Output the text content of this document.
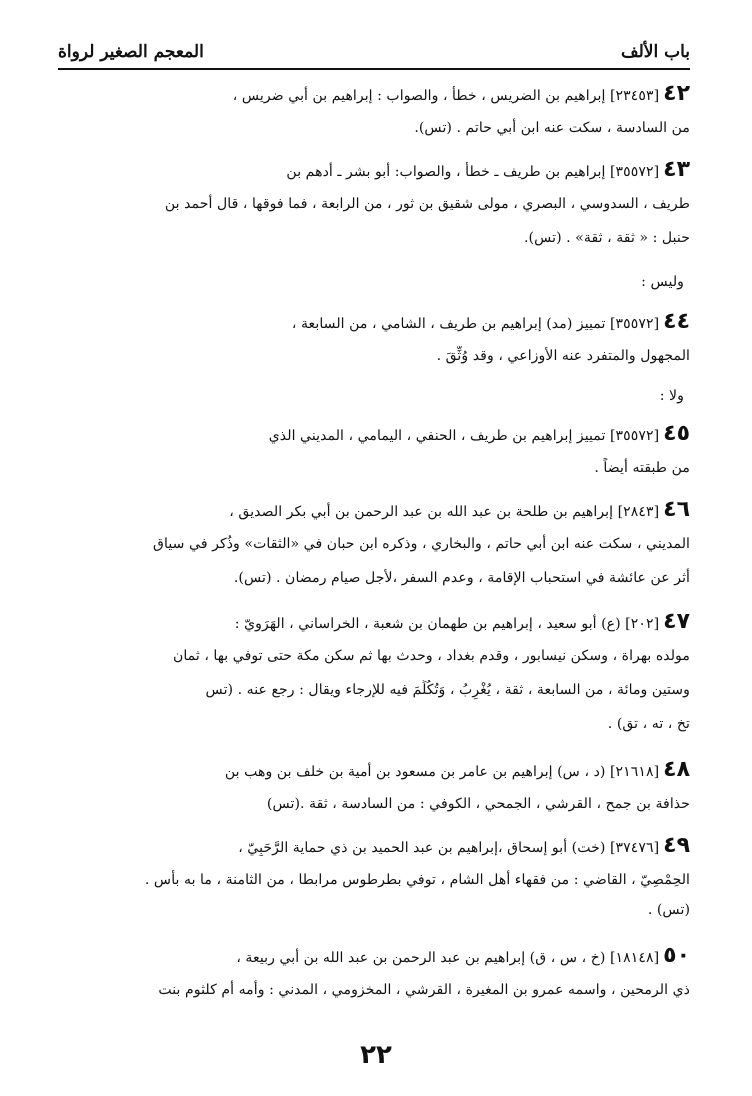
باب الألف
المعجم الصغير لرواة
٤٢[٢٣٤٥٣] إبراهيم بن الضريس ، خطأ ، والصواب : إبراهيم بن أبي ضريس ،
من السادسة ، سكت عنه ابن أبي حاتم . (تس).
٤٣[٣٥٥٧٢] إبراهيم بن طريف ـ خطأ ، والصواب: أبو بشر ـ أدهم بن
طريف ، السدوسي ، البصري ، مولى شقيق بن ثور ، من الرابعة ، فما فوقها ، قال أحمد بن
حنبل : « ثقة ، ثقة» . (تس).
وليس :
٤٤[٣٥٥٧٢] تمييز (مد) إبراهيم بن طريف ، الشامي ، من السابعة ،
المجهول والمتفرد عنه الأوزاعي ، وقد وُثِّقَ .
ولا :
٤٥[٣٥٥٧٢] تمييز إبراهيم بن طريف ، الحنفي ، اليمامي ، المديني الذي
من طبقته أيضاً .
٤٦[٢٨٤٣] إبراهيم بن طلحة بن عبد الله بن عبد الرحمن بن أبي بكر الصديق ،
المديني ، سكت عنه ابن أبي حاتم ، والبخاري ، وذكره ابن حبان في «الثقات» وذُكر في سياق
أثر عن عائشة في استحباب الإقامة ، وعدم السفر ،لأجل صيام رمضان . (تس).
٤٧[٢٠٢] (ع) أبو سعيد ، إبراهيم بن طهمان بن شعبة ، الخراساني ، الهَرَوِيّ :
مولده بهراة ، وسكن نيسابور ، وقدم بغداد ، وحدث بها ثم سكن مكة حتى توفي بها ، ثمان
وستين ومائة ، من السابعة ، ثقة ، يُغْرِبُ ، وَتُكُلِّمَ فيه للإرجاء ويقال : رجع عنه . (تس
تخ ، ته ، تق) .
٤٨[٢١٦١٨] (د ، س) إبراهيم بن عامر بن مسعود بن أمية بن خلف بن وهب بن
حذافة بن جمح ، القرشي ، الجمحي ، الكوفي : من السادسة ، ثقة .(تس)
٤٩[٣٧٤٧٦] (خت) أبو إسحاق ،إبراهيم بن عبد الحميد بن ذي حماية الرَّحَبِيّ ،
الحِمْصِيّ ، القاضي : من فقهاء أهل الشام ، توفي بطرطوس مرابطا ، من الثامنة ، ما به بأس .
(تس) .
٥٠[١٨١٤٨] (خ ، س ، ق) إبراهيم بن عبد الرحمن بن عبد الله بن أبي ربيعة ،
ذي الرمحين ، واسمه عمرو بن المغيرة ، القرشي ، المخزومي ، المدني : وأمه أم كلثوم بنت
٢٢
